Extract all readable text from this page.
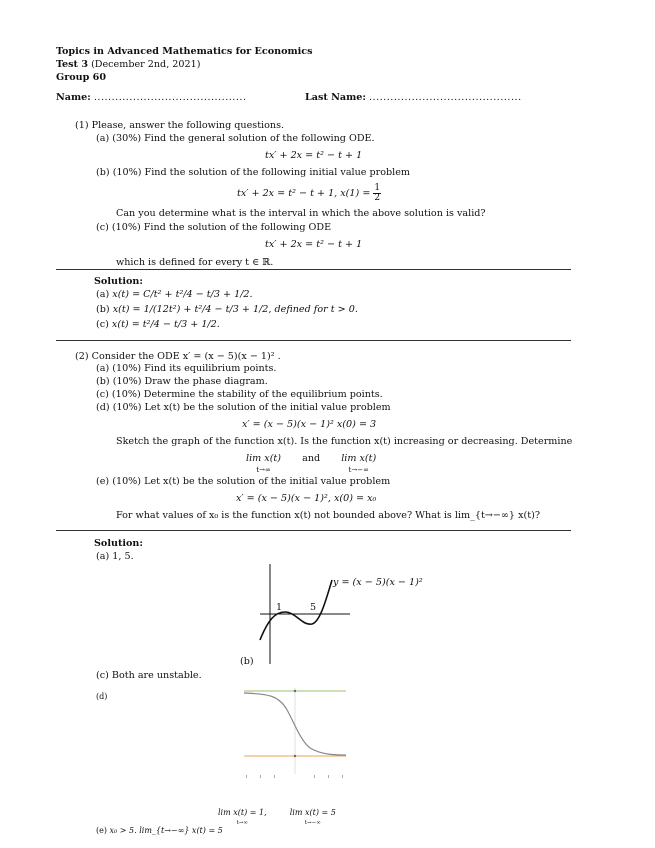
Topics in Advanced Mathematics for Economics
Test 3 (December 2nd, 2021)
Group 60
Name: ...........................................	Last Name: ...........................................
(1) Please, answer the following questions.
(a) (30%) Find the general solution of the following ODE.
tx′ + 2x = t² − t + 1
(b) (10%) Find the solution of the following initial value problem
tx′ + 2x = t² − t + 1, $x(1) = \frac{1}{2}$
Can you determine what is the interval in which the above solution is valid?
(c) (10%) Find the solution of the following ODE
tx′ + 2x = t² − t + 1
which is defined for every t ∈ ℝ.
Solution:
(a) x(t) = C/t² + t²/4 − t/3 + 1/2.
(b) x(t) = 1/(12t²) + t²/4 − t/3 + 1/2, defined for t > 0.
(c) x(t) = t²/4 − t/3 + 1/2.
(2) Consider the ODE x′ = (x − 5)(x − 1)² .
(a) (10%) Find its equilibrium points.
(b) (10%) Draw the phase diagram.
(c) (10%) Determine the stability of the equilibrium points.
(d) (10%) Let x(t) be the solution of the initial value problem
x′ = (x − 5)(x − 1)² x(0) = 3
Sketch the graph of the function x(t). Is the function x(t) increasing or decreasing. Determine
lim x(t)
t→∞ and lim x(t)
t→−∞
(e) (10%) Let x(t) be the solution of the initial value problem
x′ = (x − 5)(x − 1)², x(0) = x₀
For what values of x₀ is the function x(t) not bounded above? What is lim_{t→−∞} x(t)?
Solution:
(a) 1, 5.
1	5
y = (x − 5)(x − 1)²
(b)
(c) Both are unstable.
(d)
lim x(t) = 1,
t→∞  lim x(t) = 5
t→−∞
(e) x₀ > 5. lim_{t→−∞} x(t) = 5
